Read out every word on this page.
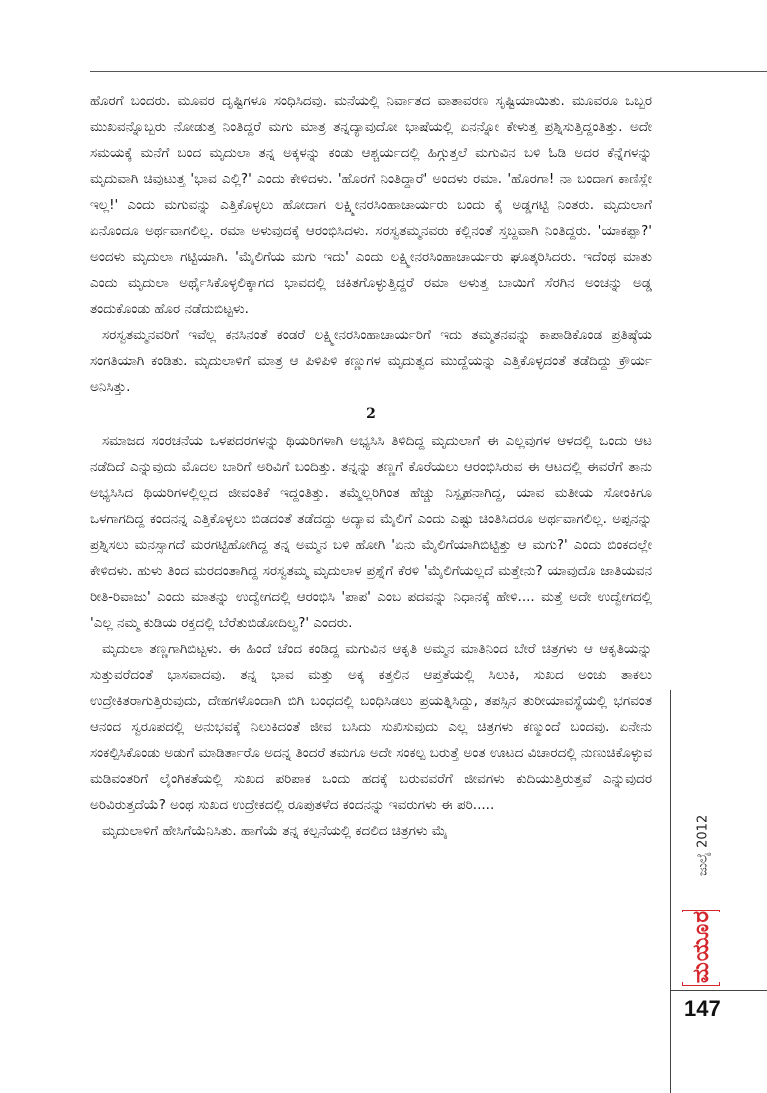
ಹೊರಗೆ ಬಂದರು. ಮೂವರ ದೃಷ್ಟಿಗಳೂ ಸಂಧಿಸಿದವು. ಮನೆಯಲ್ಲಿ ನಿರ್ವಾತದ ವಾತಾವರಣ ಸೃಷ್ಟಿಯಾಯಿತು. ಮೂವರೂ ಒಬ್ಬರ ಮುಖವನ್ನೊಬ್ಬರು ನೋಡುತ್ತ ನಿಂತಿದ್ದರೆ ಮಗು ಮಾತ್ರ ತನ್ನದ್ಯಾವುದೋ ಭಾಷೆಯಲ್ಲಿ ಏನನ್ನೋ ಕೇಳುತ್ತ ಪ್ರಶ್ನಿಸುತ್ತಿದ್ದಂತಿತ್ತು. ಅದೇ ಸಮಯಕ್ಕೆ ಮನೆಗೆ ಬಂದ ಮೃದುಲಾ ತನ್ನ ಅಕ್ಕಳನ್ನು ಕಂಡು ಆಶ್ಚರ್ಯದಲ್ಲಿ ಹಿಗ್ಗುತ್ತಲೆ ಮಗುವಿನ ಬಳಿ ಓಡಿ ಅದರ ಕೆನ್ನೆಗಳನ್ನು ಮೃದುವಾಗಿ ಚಿವುಟುತ್ತ 'ಭಾವ ಎಲ್ಲಿ?' ಎಂದು ಕೇಳಿದಳು. 'ಹೊರಗೆ ನಿಂತಿದ್ದಾರೆ' ಅಂದಳು ರಮಾ. 'ಹೊರಗಾ! ನಾ ಬಂದಾಗ ಕಾಣಿಸ್ಲೇ ಇಲ್ಲ!' ಎಂದು ಮಗುವನ್ನು ಎತ್ತಿಕೊಳ್ಳಲು ಹೋದಾಗ ಲಕ್ಷ್ಮೀನರಸಿಂಹಾಚಾರ್ಯರು ಬಂದು ಕೈ ಅಡ್ಡಗಟ್ಟಿ ನಿಂತರು. ಮೃದುಲಾಗೆ ಏನೊಂದೂ ಅರ್ಥವಾಗಲಿಲ್ಲ. ರಮಾ ಅಳುವುದಕ್ಕೆ ಆರಂಭಿಸಿದಳು. ಸರಸ್ವತಮ್ಮನವರು ಕಲ್ಲಿನಂತೆ ಸ್ತಬ್ದವಾಗಿ ನಿಂತಿದ್ದರು. 'ಯಾಕಪ್ಪಾ?' ಅಂದಳು ಮೃದುಲಾ ಗಟ್ಟಿಯಾಗಿ. 'ಮೈಲಿಗೆಯ ಮಗು ಇದು' ಎಂದು ಲಕ್ಷ್ಮೀನರಸಿಂಹಾಚಾರ್ಯರು ಘೂತ್ಕರಿಸಿದರು. ಇದೆಂಥ ಮಾತು ಎಂದು ಮೃದುಲಾ ಅರ್ಥೈಸಿಕೊಳ್ಳಲಿಕ್ಕಾಗದ ಭಾವದಲ್ಲಿ ಚಕಿತಗೊಳ್ಳುತ್ತಿದ್ದರೆ ರಮಾ ಅಳುತ್ತ ಬಾಯಿಗೆ ಸೆರಗಿನ ಅಂಚನ್ನು ಅಡ್ಡ ತಂದುಕೊಂಡು ಹೊರ ನಡೆದುಬಿಟ್ಟಳು.

ಸರಸ್ವತಮ್ಮನವರಿಗೆ ಇವೆಲ್ಲ ಕನಸಿನಂತೆ ಕಂಡರೆ ಲಕ್ಷ್ಮೀನರಸಿಂಹಾಚಾರ್ಯರಿಗೆ ಇದು ತಮ್ಮತನವನ್ನು ಕಾಪಾಡಿಕೊಂಡ ಪ್ರತಿಷ್ಠೆಯ ಸಂಗತಿಯಾಗಿ ಕಂಡಿತು. ಮೃದುಲಾಳಿಗೆ ಮಾತ್ರ ಆ ಪಿಳಿಪಿಳಿ ಕಣ್ಣುಗಳ ಮೃದುತ್ವದ ಮುದ್ದೆಯನ್ನು ಎತ್ತಿಕೊಳ್ಳದಂತೆ ತಡೆದಿದ್ದು ಕ್ರೌರ್ಯ ಅನಿಸಿತ್ತು.

2

ಸಮಾಜದ ಸಂರಚನೆಯ ಒಳಪದರಗಳನ್ನು ಥಿಯರಿಗಳಾಗಿ ಅಭ್ಯಸಿಸಿ ತಿಳಿದಿದ್ದ ಮೃದುಲಾಗೆ ಈ ಎಲ್ಲವುಗಳ ಆಳದಲ್ಲಿ ಒಂದು ಆಟ ನಡೆದಿದೆ ಎನ್ನುವುದು ಮೊದಲ ಬಾರಿಗೆ ಅರಿವಿಗೆ ಬಂದಿತ್ತು. ತನ್ನನ್ನು ತಣ್ಣಗೆ ಕೊರೆಯಲು ಆರಂಭಿಸಿರುವ ಈ ಆಟದಲ್ಲಿ ಈವರೆಗೆ ತಾನು ಅಭ್ಯಸಿಸಿದ ಥಿಯರಿಗಳಲ್ಲಿಲ್ಲದ ಜೀವಂತಿಕೆ ಇದ್ದಂತಿತ್ತು. ತಮ್ಮೆಲ್ಲರಿಗಿಂತ ಹೆಚ್ಚು ನಿಸ್ಪೃಹನಾಗಿದ್ದ, ಯಾವ ಮತೀಯ ಸೋಂಕಿಗೂ ಒಳಗಾಗದಿದ್ದ ಕಂದನನ್ನ ಎತ್ತಿಕೊಳ್ಳಲು ಬಿಡದಂತೆ ತಡೆದದ್ದು ಅದ್ಯಾವ ಮೈಲಿಗೆ ಎಂದು ಎಷ್ಟು ಚಿಂತಿಸಿದರೂ ಅರ್ಥವಾಗಲಿಲ್ಲ. ಅಪ್ಪನನ್ನು ಪ್ರಶ್ನಿಸಲು ಮನಸ್ಸಾಗದೆ ಮರಗಟ್ಟಿಹೋಗಿದ್ದ ತನ್ನ ಅಮ್ಮನ ಬಳಿ ಹೋಗಿ 'ಏನು ಮೈಲಿಗೆಯಾಗಿಬಿಟ್ಟಿತ್ತು ಆ ಮಗು?' ಎಂದು ಬಿಂಕದಲ್ಲೇ ಕೇಳಿದಳು. ಹುಳು ತಿಂದ ಮರದಂತಾಗಿದ್ದ ಸರಸ್ವತಮ್ಮ ಮೃದುಲಾಳ ಪ್ರಶ್ನೆಗೆ ಕೆರಳಿ 'ಮೈಲಿಗೆಯಲ್ಲದೆ ಮತ್ತೇನು? ಯಾವುದೊ ಜಾತಿಯವನ ರೀತಿ-ರಿವಾಜು' ಎಂದು ಮಾತನ್ನು ಉದ್ವೇಗದಲ್ಲಿ ಆರಂಭಿಸಿ 'ಪಾಪ' ಎಂಬ ಪದವನ್ನು ನಿಧಾನಕ್ಕೆ ಹೇಳಿ.... ಮತ್ತೆ ಅದೇ ಉದ್ವೇಗದಲ್ಲಿ 'ಎಲ್ಲ ನಮ್ಮ ಕುಡಿಯ ರಕ್ತದಲ್ಲಿ ಬೆರೆತುಬಿಡೋದಿಲ್ವ?' ಎಂದರು.

ಮೃದುಲಾ ತಣ್ಣಗಾಗಿಬಿಟ್ಟಳು. ಈ ಹಿಂದೆ ಚೆಂದ ಕಂಡಿದ್ದ ಮಗುವಿನ ಆಕೃತಿ ಅಮ್ಮನ ಮಾತಿನಿಂದ ಬೇರೆ ಚಿತ್ರಗಳು ಆ ಆಕೃತಿಯನ್ನು ಸುತ್ತುವರೆದಂತೆ ಭಾಸವಾದವು. ತನ್ನ ಭಾವ ಮತ್ತು ಅಕ್ಕ ಕತ್ತಲಿನ ಆಪ್ತತೆಯಲ್ಲಿ ಸಿಲುಕಿ, ಸುಖದ ಅಂಚು ತಾಕಲು ಉದ್ರೇಕಿತರಾಗುತ್ತಿರುವುದು, ದೇಹಗಳೊಂದಾಗಿ ಬಿಗಿ ಬಂಧದಲ್ಲಿ ಬಂಧಿಸಿಡಲು ಪ್ರಯತ್ನಿಸಿದ್ದು, ತಪಸ್ಸಿನ ತುರೀಯಾವಸ್ಥೆಯಲ್ಲಿ ಭಗವಂತ ಆನಂದ ಸ್ವರೂಪದಲ್ಲಿ ಅನುಭವಕ್ಕೆ ನಿಲುಕಿದಂತೆ ಜೀವ ಬಸಿದು ಸುಖಿಸುವುದು ಎಲ್ಲ ಚಿತ್ರಗಳು ಕಣ್ಮುಂದೆ ಬಂದವು. ಏನೇನು ಸಂಕಲ್ಪಿಸಿಕೊಂಡು ಅಡುಗೆ ಮಾಡಿರ್ತಾರೊ ಅದನ್ನ ತಿಂದರೆ ತಮಗೂ ಅದೇ ಸಂಕಲ್ಪ ಬರುತ್ತೆ ಅಂತ ಊಟದ ವಿಚಾರದಲ್ಲಿ ನುಣುಚಿಕೊಳ್ಳುವ ಮಡಿವಂತರಿಗೆ ಲೈಂಗಿಕತೆಯಲ್ಲಿ ಸುಖದ ಪರಿಪಾಕ ಒಂದು ಹದಕ್ಕೆ ಬರುವವರೆಗೆ ಜೀವಗಳು ಕುದಿಯುತ್ತಿರುತ್ತವೆ ಎನ್ನುವುದರ ಅರಿವಿರುತ್ತದೆಯೆ? ಅಂಥ ಸುಖದ ಉದ್ರೇಕದಲ್ಲಿ ರೂಪುತಳೆದ ಕಂದನನ್ನು ಇವರುಗಳು ಈ ಪರಿ.....

ಮೃದುಲಾಳಿಗೆ ಹೇಸಿಗೆಯೆನಿಸಿತು. ಹಾಗೆಯೆ ತನ್ನ ಕಲ್ಪನೆಯಲ್ಲಿ ಕದಲಿದ ಚಿತ್ರಗಳು ಮೈ	ಜುಲೈ 2012
ಮಯೂರ
147
